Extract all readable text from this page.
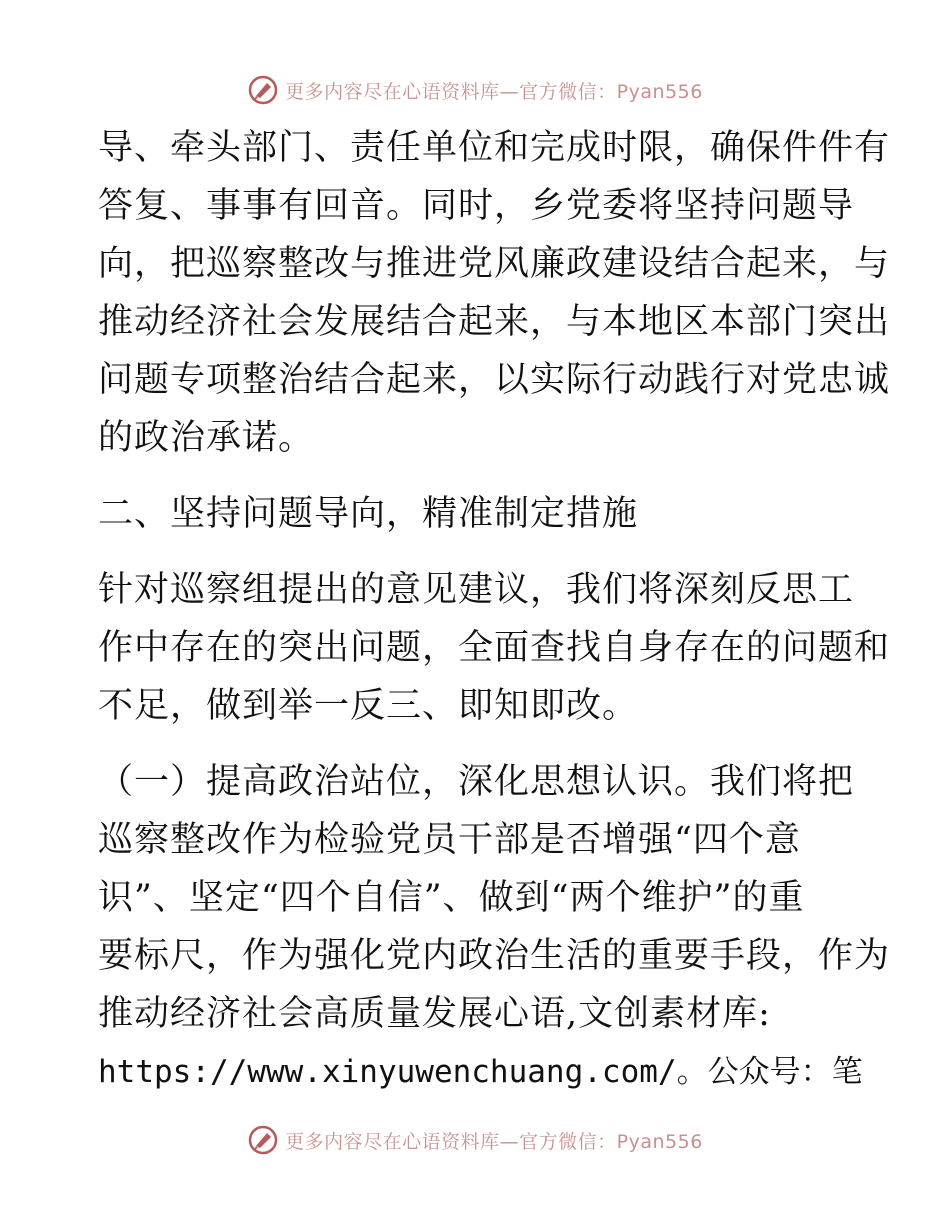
更多内容尽在心语资料库—官方微信：Pyan556
导、牵头部门、责任单位和完成时限，确保件件有
答复、事事有回音。同时，乡党委将坚持问题导
向，把巡察整改与推进党风廉政建设结合起来，与
推动经济社会发展结合起来，与本地区本部门突出
问题专项整治结合起来，以实际行动践行对党忠诚
的政治承诺。
二、坚持问题导向，精准制定措施
针对巡察组提出的意见建议，我们将深刻反思工
作中存在的突出问题，全面查找自身存在的问题和
不足，做到举一反三、即知即改。
（一）提高政治站位，深化思想认识。我们将把
巡察整改作为检验党员干部是否增强“四个意
识”、坚定“四个自信”、做到“两个维护”的重
要标尺，作为强化党内政治生活的重要手段，作为
推动经济社会高质量发展心语,文创素材库:
https://www.xinyuwenchuang.com/。公众号：笔
更多内容尽在心语资料库—官方微信：Pyan556
